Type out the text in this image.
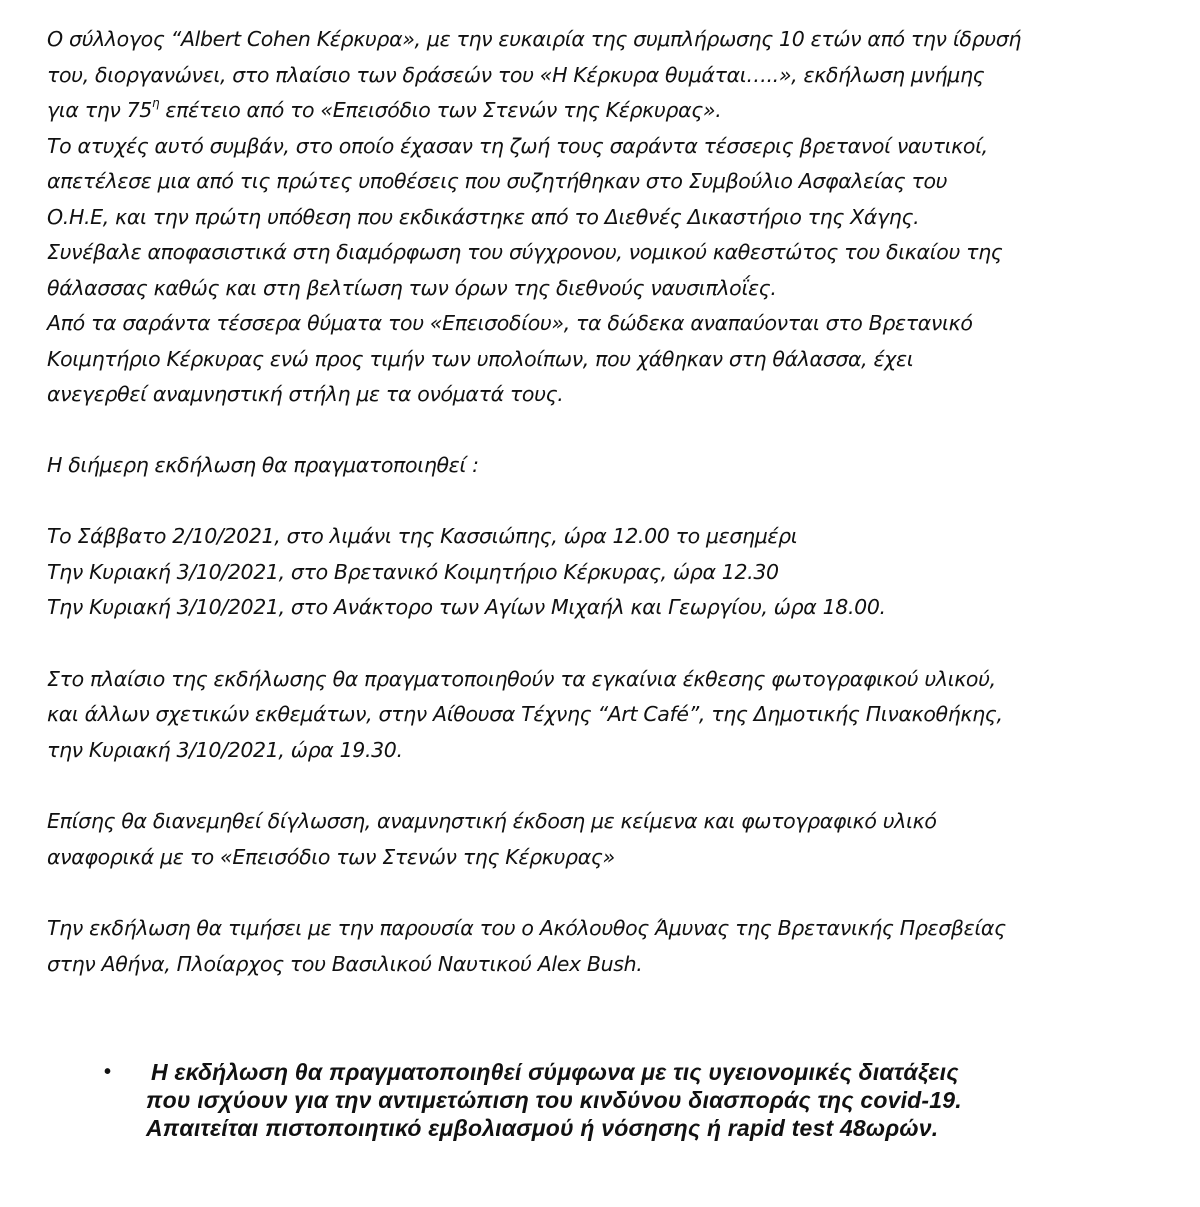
Ο σύλλογος “Albert Cohen Κέρκυρα», με την ευκαιρία της συμπλήρωσης 10 ετών από την ίδρυσή
του, διοργανώνει, στο πλαίσιο των δράσεών του «Η Κέρκυρα θυμάται…..», εκδήλωση μνήμης
για την $75^\eta$ επέτειο από το «Επεισόδιο των Στενών της Κέρκυρας».
Το ατυχές αυτό συμβάν, στο οποίο έχασαν τη ζωή τους σαράντα τέσσερις βρετανοί ναυτικοί,
απετέλεσε μια από τις πρώτες υποθέσεις που συζητήθηκαν στο Συμβούλιο Ασφαλείας του
Ο.Η.Ε, και την πρώτη υπόθεση που εκδικάστηκε από το Διεθνές Δικαστήριο της Χάγης.
Συνέβαλε αποφασιστικά στη διαμόρφωση του σύγχρονου, νομικού καθεστώτος του δικαίου της
θάλασσας καθώς και στη βελτίωση των όρων της διεθνούς ναυσιπλοΐες.
Από τα σαράντα τέσσερα θύματα του «Επεισοδίου», τα δώδεκα αναπαύονται στο Βρετανικό
Κοιμητήριο Κέρκυρας ενώ προς τιμήν των υπολοίπων, που χάθηκαν στη θάλασσα, έχει
ανεγερθεί αναμνηστική στήλη με τα ονόματά τους.
Η διήμερη εκδήλωση θα πραγματοποιηθεί :
Το Σάββατο 2/10/2021, στο λιμάνι της Κασσιώπης, ώρα 12.00 το μεσημέρι
Την Κυριακή 3/10/2021, στο Βρετανικό Κοιμητήριο Κέρκυρας, ώρα 12.30
Την Κυριακή 3/10/2021, στο Ανάκτορο των Αγίων Μιχαήλ και Γεωργίου, ώρα 18.00.
Στο πλαίσιο της εκδήλωσης θα πραγματοποιηθούν τα εγκαίνια έκθεσης φωτογραφικού υλικού,
και άλλων σχετικών εκθεμάτων, στην Αίθουσα Τέχνης “Art Café”, της Δημοτικής Πινακοθήκης,
την Κυριακή 3/10/2021, ώρα 19.30.
Επίσης θα διανεμηθεί δίγλωσση, αναμνηστική έκδοση με κείμενα και φωτογραφικό υλικό
αναφορικά με το «Επεισόδιο των Στενών της Κέρκυρας»
Την εκδήλωση θα τιμήσει με την παρουσία του ο Ακόλουθος Άμυνας της Βρετανικής Πρεσβείας
στην Αθήνα, Πλοίαρχος του Βασιλικού Ναυτικού Alex Bush.
• Η εκδήλωση θα πραγματοποιηθεί σύμφωνα με τις υγειονομικές διατάξεις
που ισχύουν για την αντιμετώπιση του κινδύνου διασποράς της covid-19.
Απαιτείται πιστοποιητικό εμβολιασμού ή νόσησης ή rapid test 48ωρών.
